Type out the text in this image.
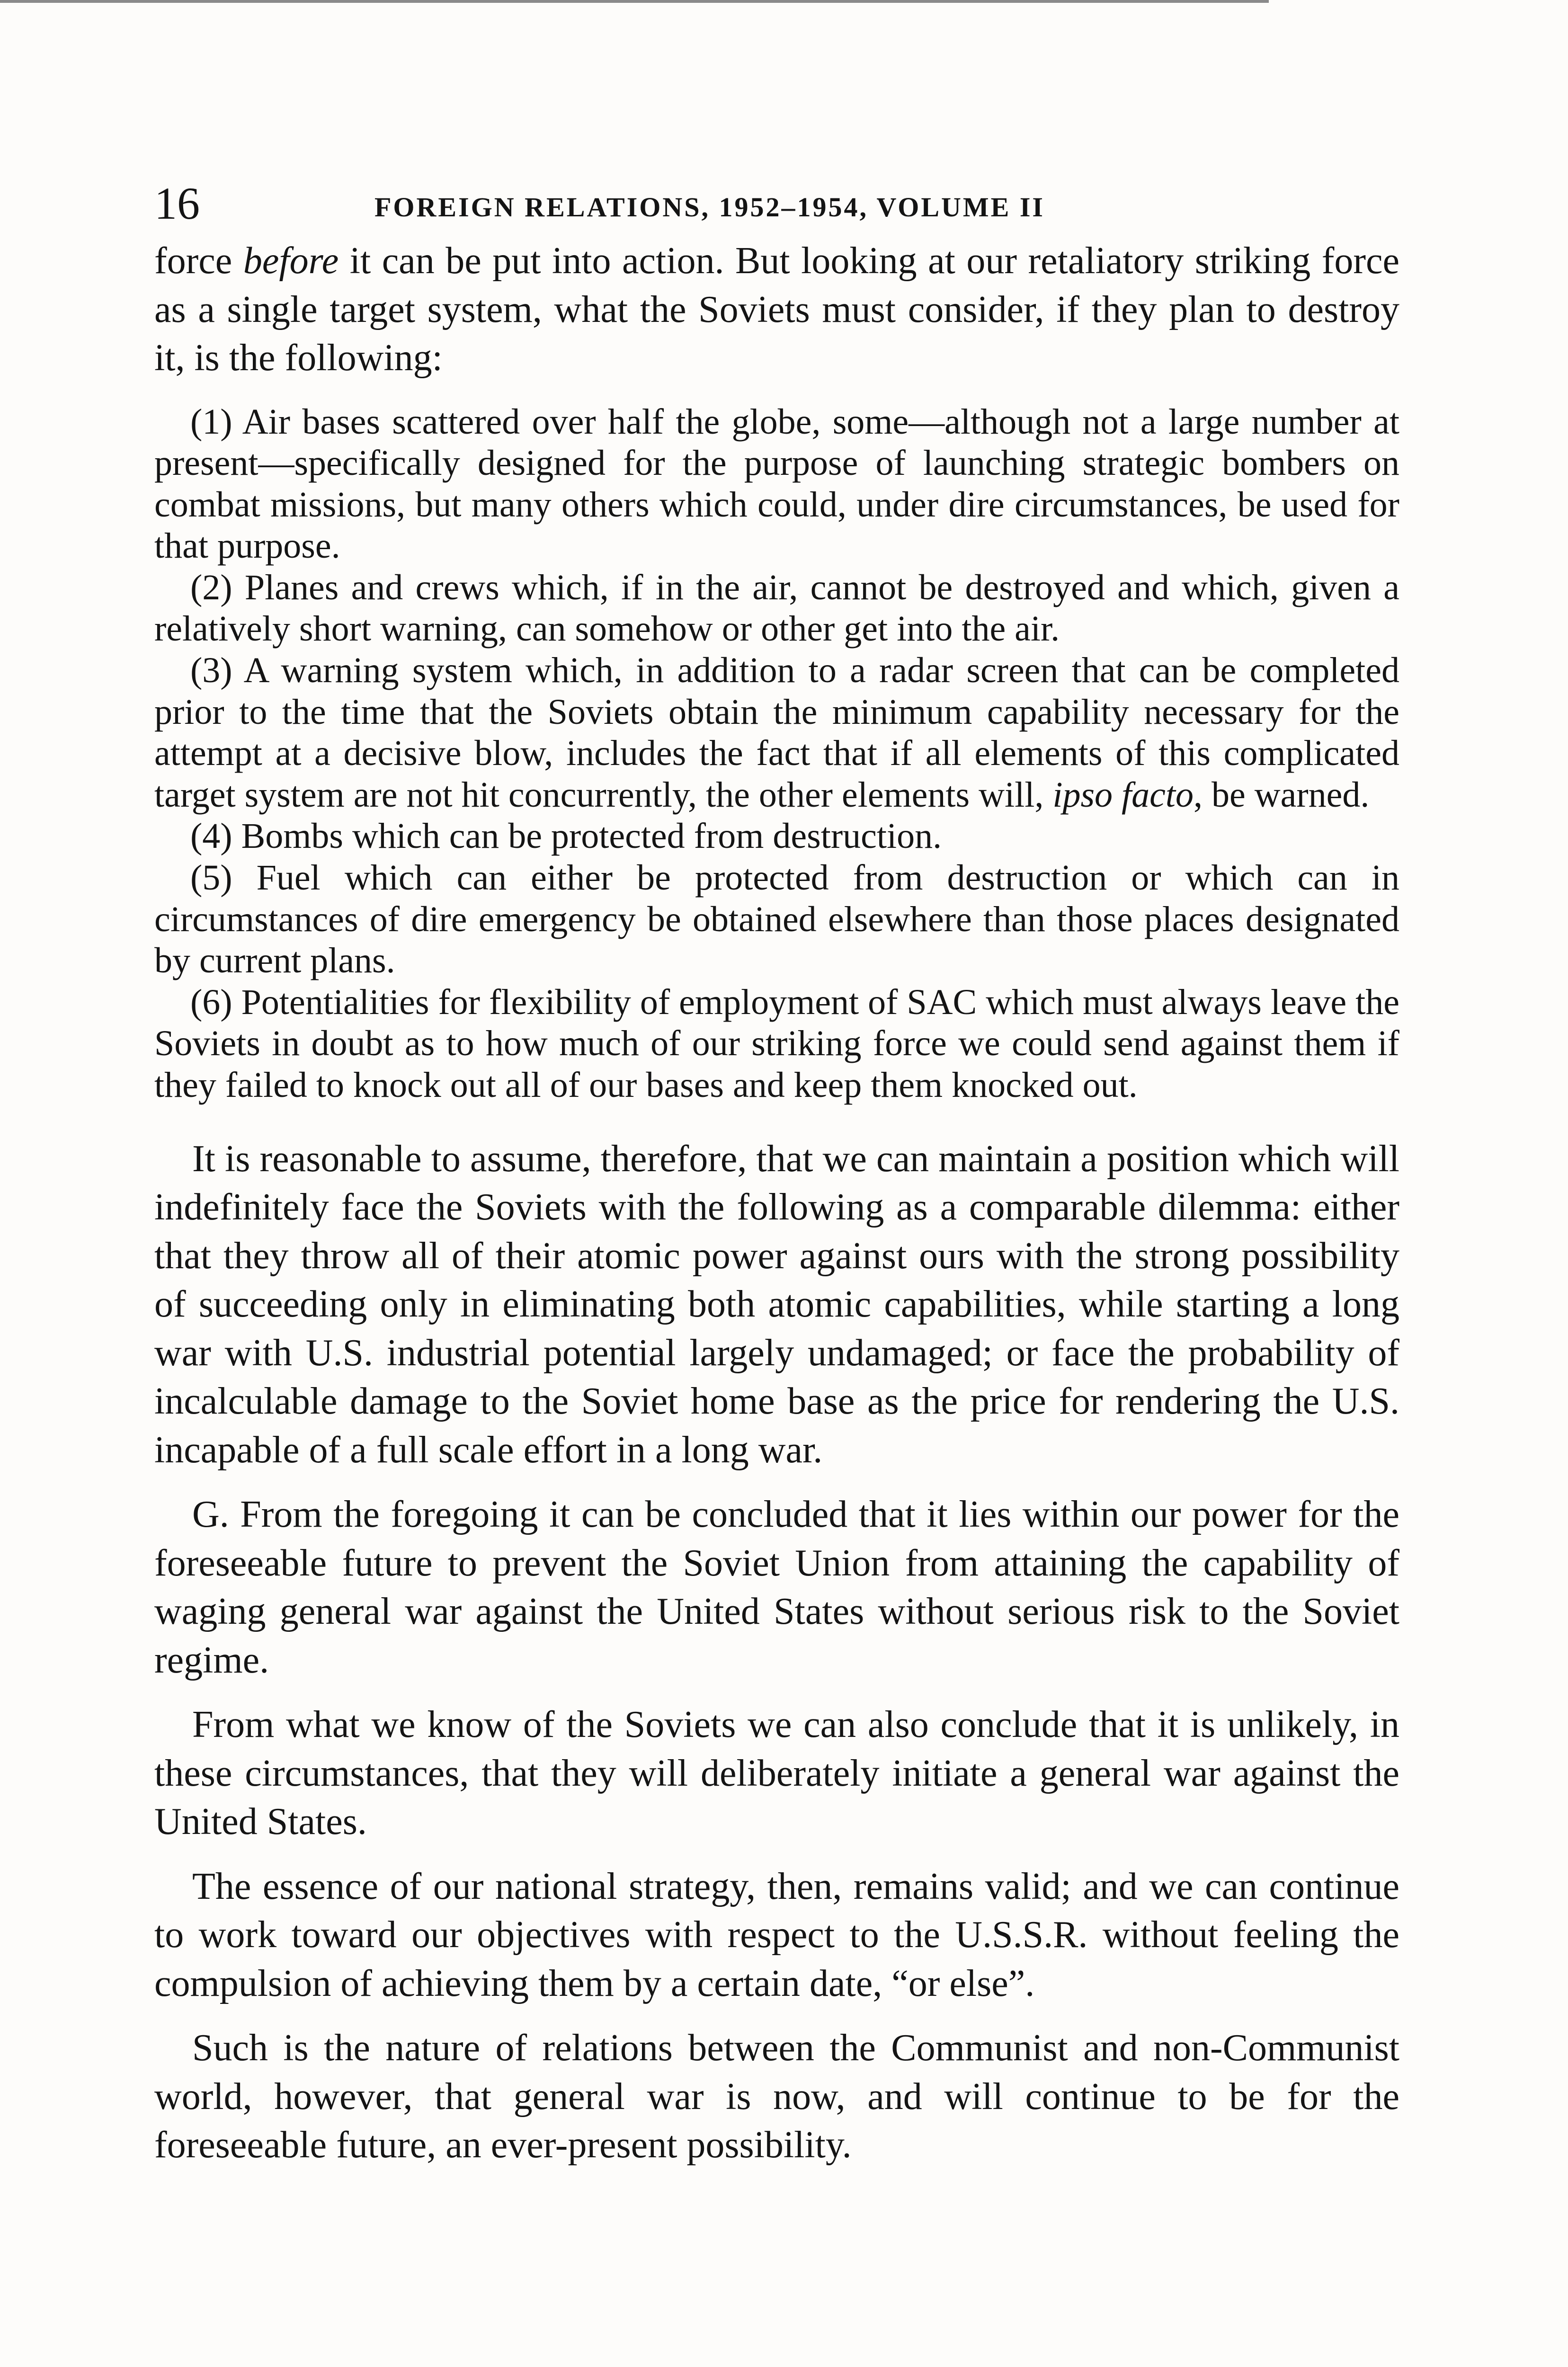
16	FOREIGN RELATIONS, 1952–1954, VOLUME II

force before it can be put into action. But looking at our retaliatory striking force as a single target system, what the Soviets must consider, if they plan to destroy it, is the following:

(1) Air bases scattered over half the globe, some—although not a large number at present—specifically designed for the purpose of launching strategic bombers on combat missions, but many others which could, under dire circumstances, be used for that purpose.

(2) Planes and crews which, if in the air, cannot be destroyed and which, given a relatively short warning, can somehow or other get into the air.

(3) A warning system which, in addition to a radar screen that can be completed prior to the time that the Soviets obtain the minimum capability necessary for the attempt at a decisive blow, includes the fact that if all elements of this complicated target system are not hit concurrently, the other elements will, ipso facto, be warned.

(4) Bombs which can be protected from destruction.

(5) Fuel which can either be protected from destruction or which can in circumstances of dire emergency be obtained elsewhere than those places designated by current plans.

(6) Potentialities for flexibility of employment of SAC which must always leave the Soviets in doubt as to how much of our striking force we could send against them if they failed to knock out all of our bases and keep them knocked out.

It is reasonable to assume, therefore, that we can maintain a position which will indefinitely face the Soviets with the following as a comparable dilemma: either that they throw all of their atomic power against ours with the strong possibility of succeeding only in eliminating both atomic capabilities, while starting a long war with U.S. industrial potential largely undamaged; or face the probability of incalculable damage to the Soviet home base as the price for rendering the U.S. incapable of a full scale effort in a long war.

G. From the foregoing it can be concluded that it lies within our power for the foreseeable future to prevent the Soviet Union from attaining the capability of waging general war against the United States without serious risk to the Soviet regime.

From what we know of the Soviets we can also conclude that it is unlikely, in these circumstances, that they will deliberately initiate a general war against the United States.

The essence of our national strategy, then, remains valid; and we can continue to work toward our objectives with respect to the U.S.S.R. without feeling the compulsion of achieving them by a certain date, “or else”.

Such is the nature of relations between the Communist and non-Communist world, however, that general war is now, and will continue to be for the foreseeable future, an ever-present possibility.
